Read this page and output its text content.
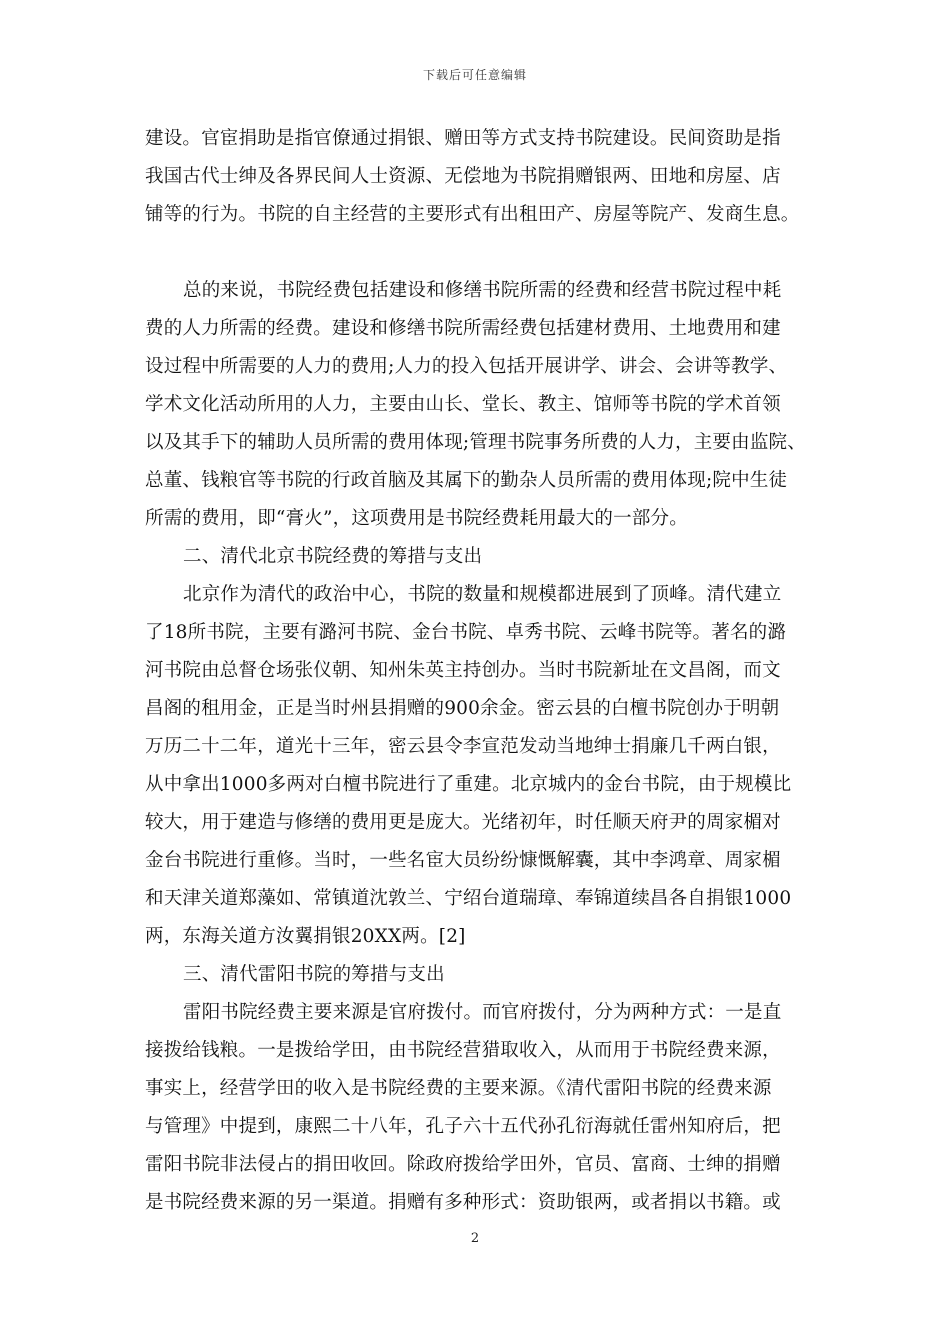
下载后可任意编辑
建设。官宦捐助是指官僚通过捐银、赠田等方式支持书院建设。民间资助是指
我国古代士绅及各界民间人士资源、无偿地为书院捐赠银两、田地和房屋、店
铺等的行为。书院的自主经营的主要形式有出租田产、房屋等院产、发商生息。
总的来说，书院经费包括建设和修缮书院所需的经费和经营书院过程中耗
费的人力所需的经费。建设和修缮书院所需经费包括建材费用、土地费用和建
设过程中所需要的人力的费用;人力的投入包括开展讲学、讲会、会讲等教学、
学术文化活动所用的人力，主要由山长、堂长、教主、馆师等书院的学术首领
以及其手下的辅助人员所需的费用体现;管理书院事务所费的人力，主要由监院、
总董、钱粮官等书院的行政首脑及其属下的勤杂人员所需的费用体现;院中生徒
所需的费用，即“膏火”，这项费用是书院经费耗用最大的一部分。
二、清代北京书院经费的筹措与支出
北京作为清代的政治中心，书院的数量和规模都进展到了顶峰。清代建立
了18所书院，主要有潞河书院、金台书院、卓秀书院、云峰书院等。著名的潞
河书院由总督仓场张仪朝、知州朱英主持创办。当时书院新址在文昌阁，而文
昌阁的租用金，正是当时州县捐赠的900余金。密云县的白檀书院创办于明朝
万历二十二年，道光十三年，密云县令李宣范发动当地绅士捐廉几千两白银，
从中拿出1000多两对白檀书院进行了重建。北京城内的金台书院，由于规模比
较大，用于建造与修缮的费用更是庞大。光绪初年，时任顺天府尹的周家楣对
金台书院进行重修。当时，一些名宦大员纷纷慷慨解囊，其中李鸿章、周家楣
和天津关道郑藻如、常镇道沈敦兰、宁绍台道瑞璋、奉锦道续昌各自捐银1000
两，东海关道方汝翼捐银20XX两。[2]
三、清代雷阳书院的筹措与支出
雷阳书院经费主要来源是官府拨付。而官府拨付，分为两种方式：一是直
接拨给钱粮。一是拨给学田，由书院经营猎取收入，从而用于书院经费来源，
事实上，经营学田的收入是书院经费的主要来源。《清代雷阳书院的经费来源
与管理》中提到，康熙二十八年，孔子六十五代孙孔衍海就任雷州知府后，把
雷阳书院非法侵占的捐田收回。除政府拨给学田外，官员、富商、士绅的捐赠
是书院经费来源的另一渠道。捐赠有多种形式：资助银两，或者捐以书籍。或
2
